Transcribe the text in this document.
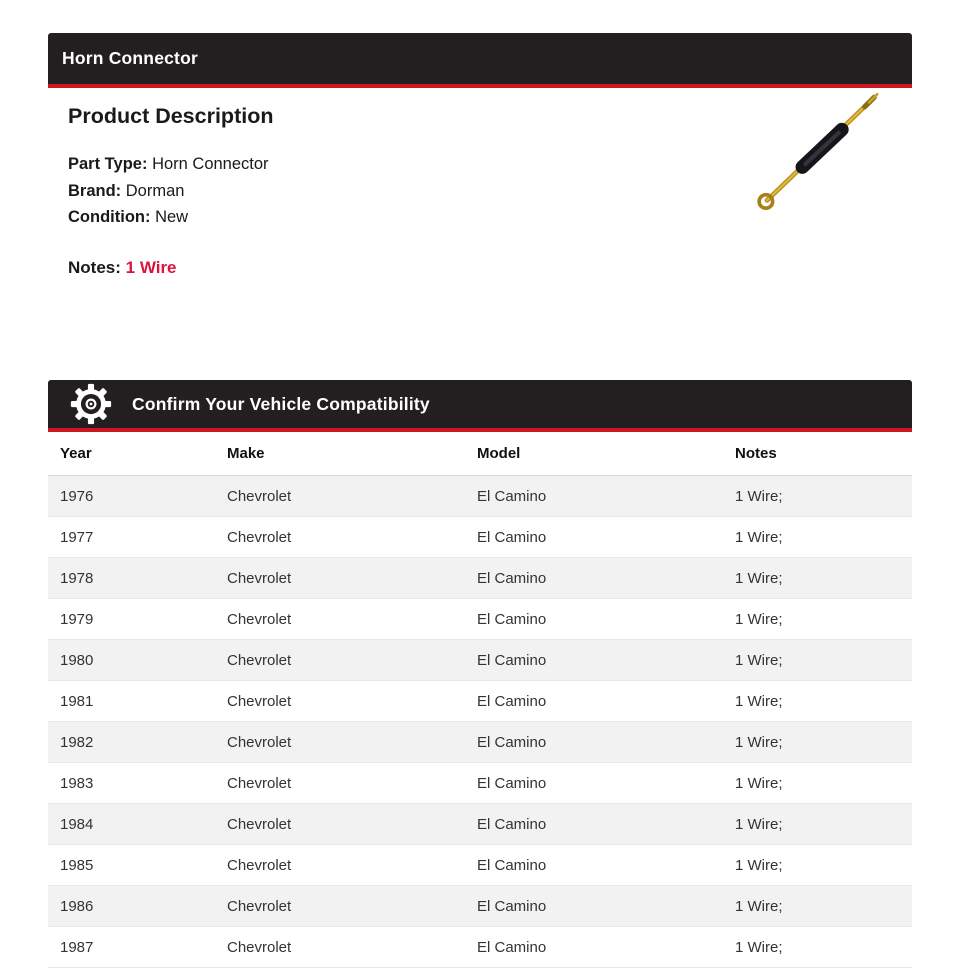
Horn Connector
Product Description
Part Type: Horn Connector
Brand: Dorman
Condition: New
Notes: 1 Wire
Confirm Your Vehicle Compatibility
Year	Make	Model	Notes
1976	Chevrolet	El Camino	1 Wire;
1977	Chevrolet	El Camino	1 Wire;
1978	Chevrolet	El Camino	1 Wire;
1979	Chevrolet	El Camino	1 Wire;
1980	Chevrolet	El Camino	1 Wire;
1981	Chevrolet	El Camino	1 Wire;
1982	Chevrolet	El Camino	1 Wire;
1983	Chevrolet	El Camino	1 Wire;
1984	Chevrolet	El Camino	1 Wire;
1985	Chevrolet	El Camino	1 Wire;
1986	Chevrolet	El Camino	1 Wire;
1987	Chevrolet	El Camino	1 Wire;
